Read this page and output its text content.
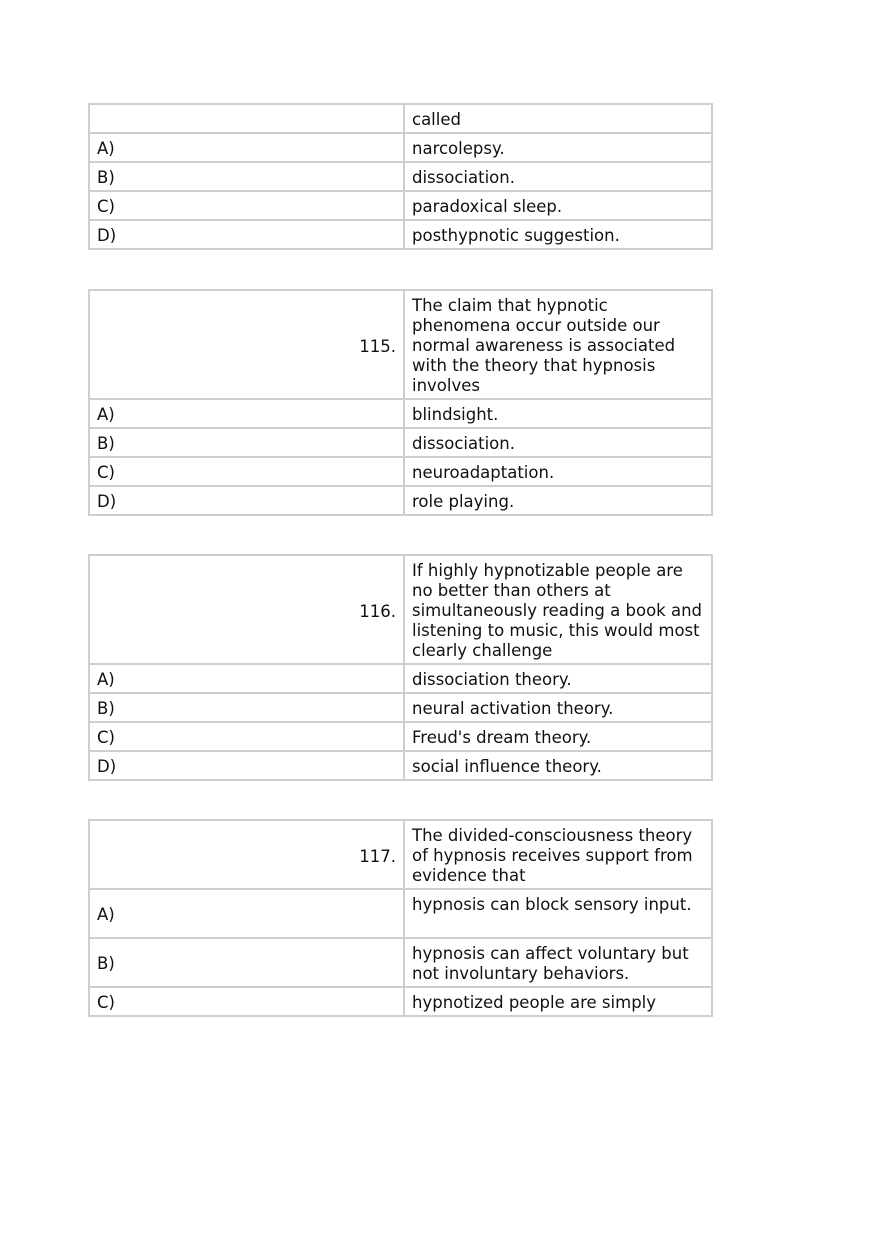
	called
A)	narcolepsy.
B)	dissociation.
C)	paradoxical sleep.
D)	posthypnotic suggestion.
115.	The claim that hypnotic phenomena occur outside our normal awareness is associated with the theory that hypnosis involves
A)	blindsight.
B)	dissociation.
C)	neuroadaptation.
D)	role playing.
116.	If highly hypnotizable people are no better than others at simultaneously reading a book and listening to music, this would most clearly challenge
A)	dissociation theory.
B)	neural activation theory.
C)	Freud's dream theory.
D)	social influence theory.
117.	The divided-consciousness theory of hypnosis receives support from evidence that
A)	hypnosis can block sensory input.
B)	hypnosis can affect voluntary but not involuntary behaviors.
C)	hypnotized people are simply
